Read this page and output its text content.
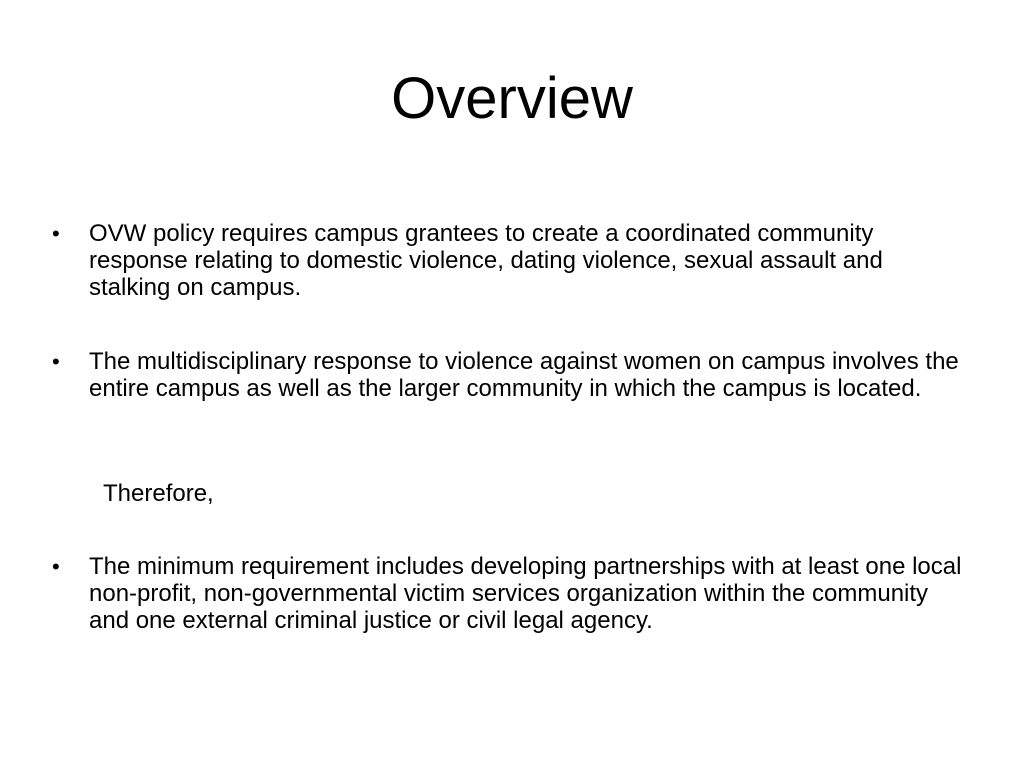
Overview
•	OVW policy requires campus grantees to create a coordinated community response relating to domestic violence, dating violence, sexual assault and stalking on campus.
•	The multidisciplinary response to violence against women on campus involves the entire campus as well as the larger community in which the campus is located.
Therefore,
•	The minimum requirement includes developing partnerships with at least one local non-profit, non-governmental victim services organization within the community and one external criminal justice or civil legal agency.
